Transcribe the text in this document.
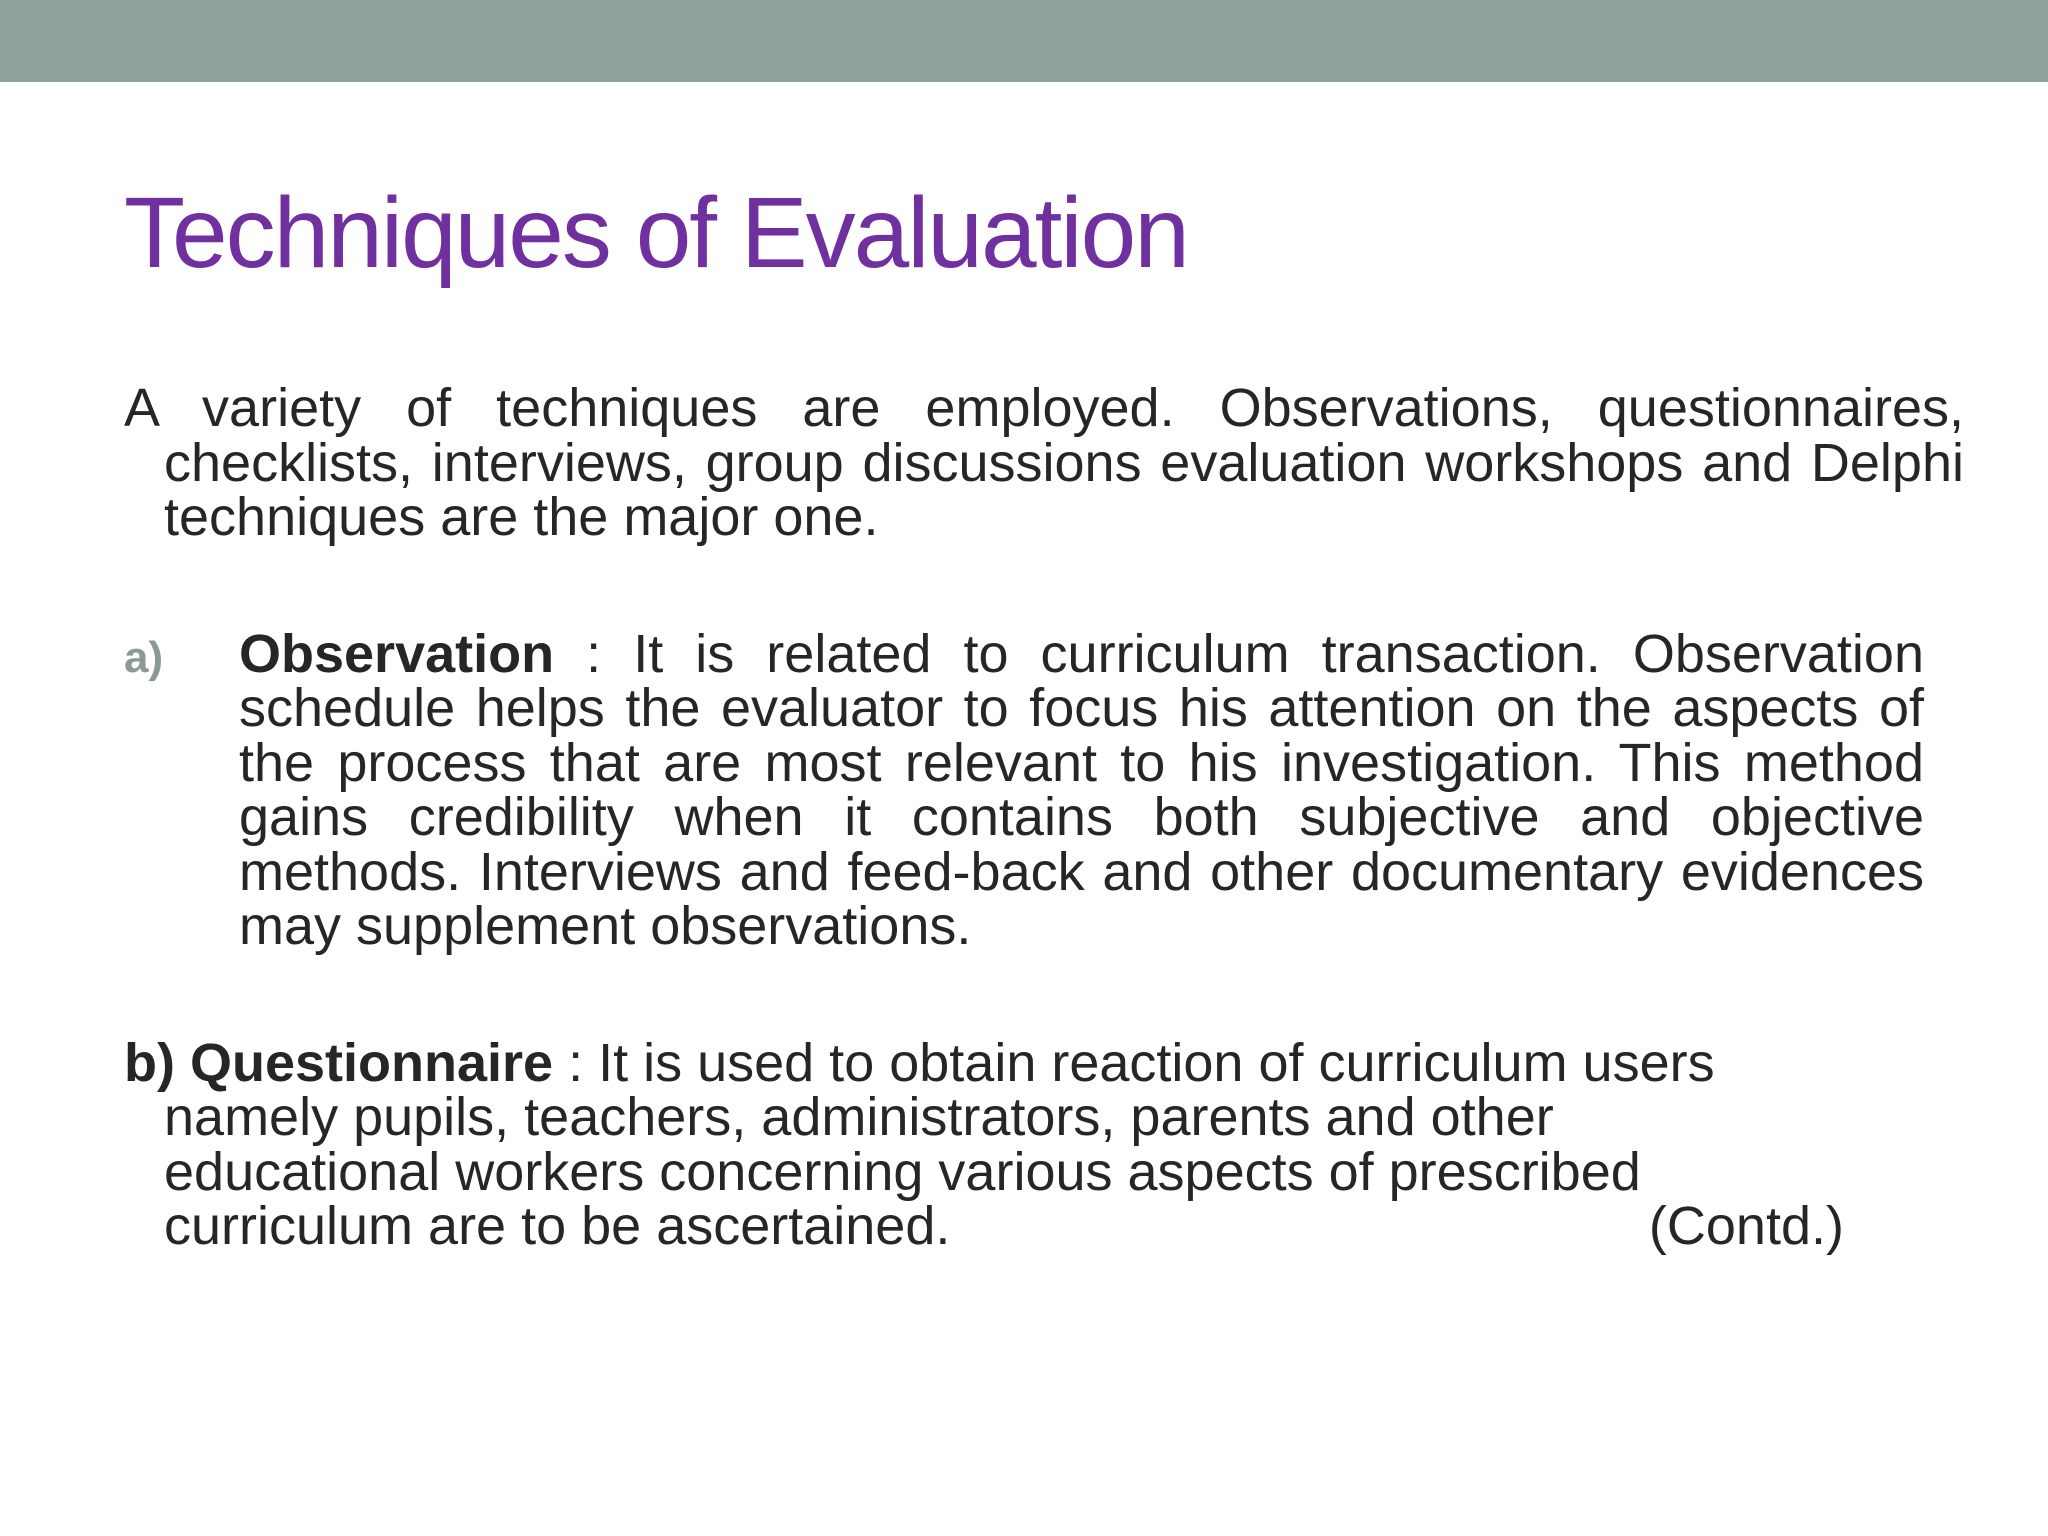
Techniques of Evaluation

A variety of techniques are employed. Observations, questionnaires, checklists, interviews, group discussions evaluation workshops and Delphi techniques are the major one.

a) Observation : It is related to curriculum transaction. Observation schedule helps the evaluator to focus his attention on the aspects of the process that are most relevant to his investigation. This method gains credibility when it contains both subjective and objective methods. Interviews and feed-back and other documentary evidences may supplement observations.

b) Questionnaire : It is used to obtain reaction of curriculum users namely pupils, teachers, administrators, parents and other educational workers concerning various aspects of prescribed curriculum are to be ascertained.	(Contd.)
